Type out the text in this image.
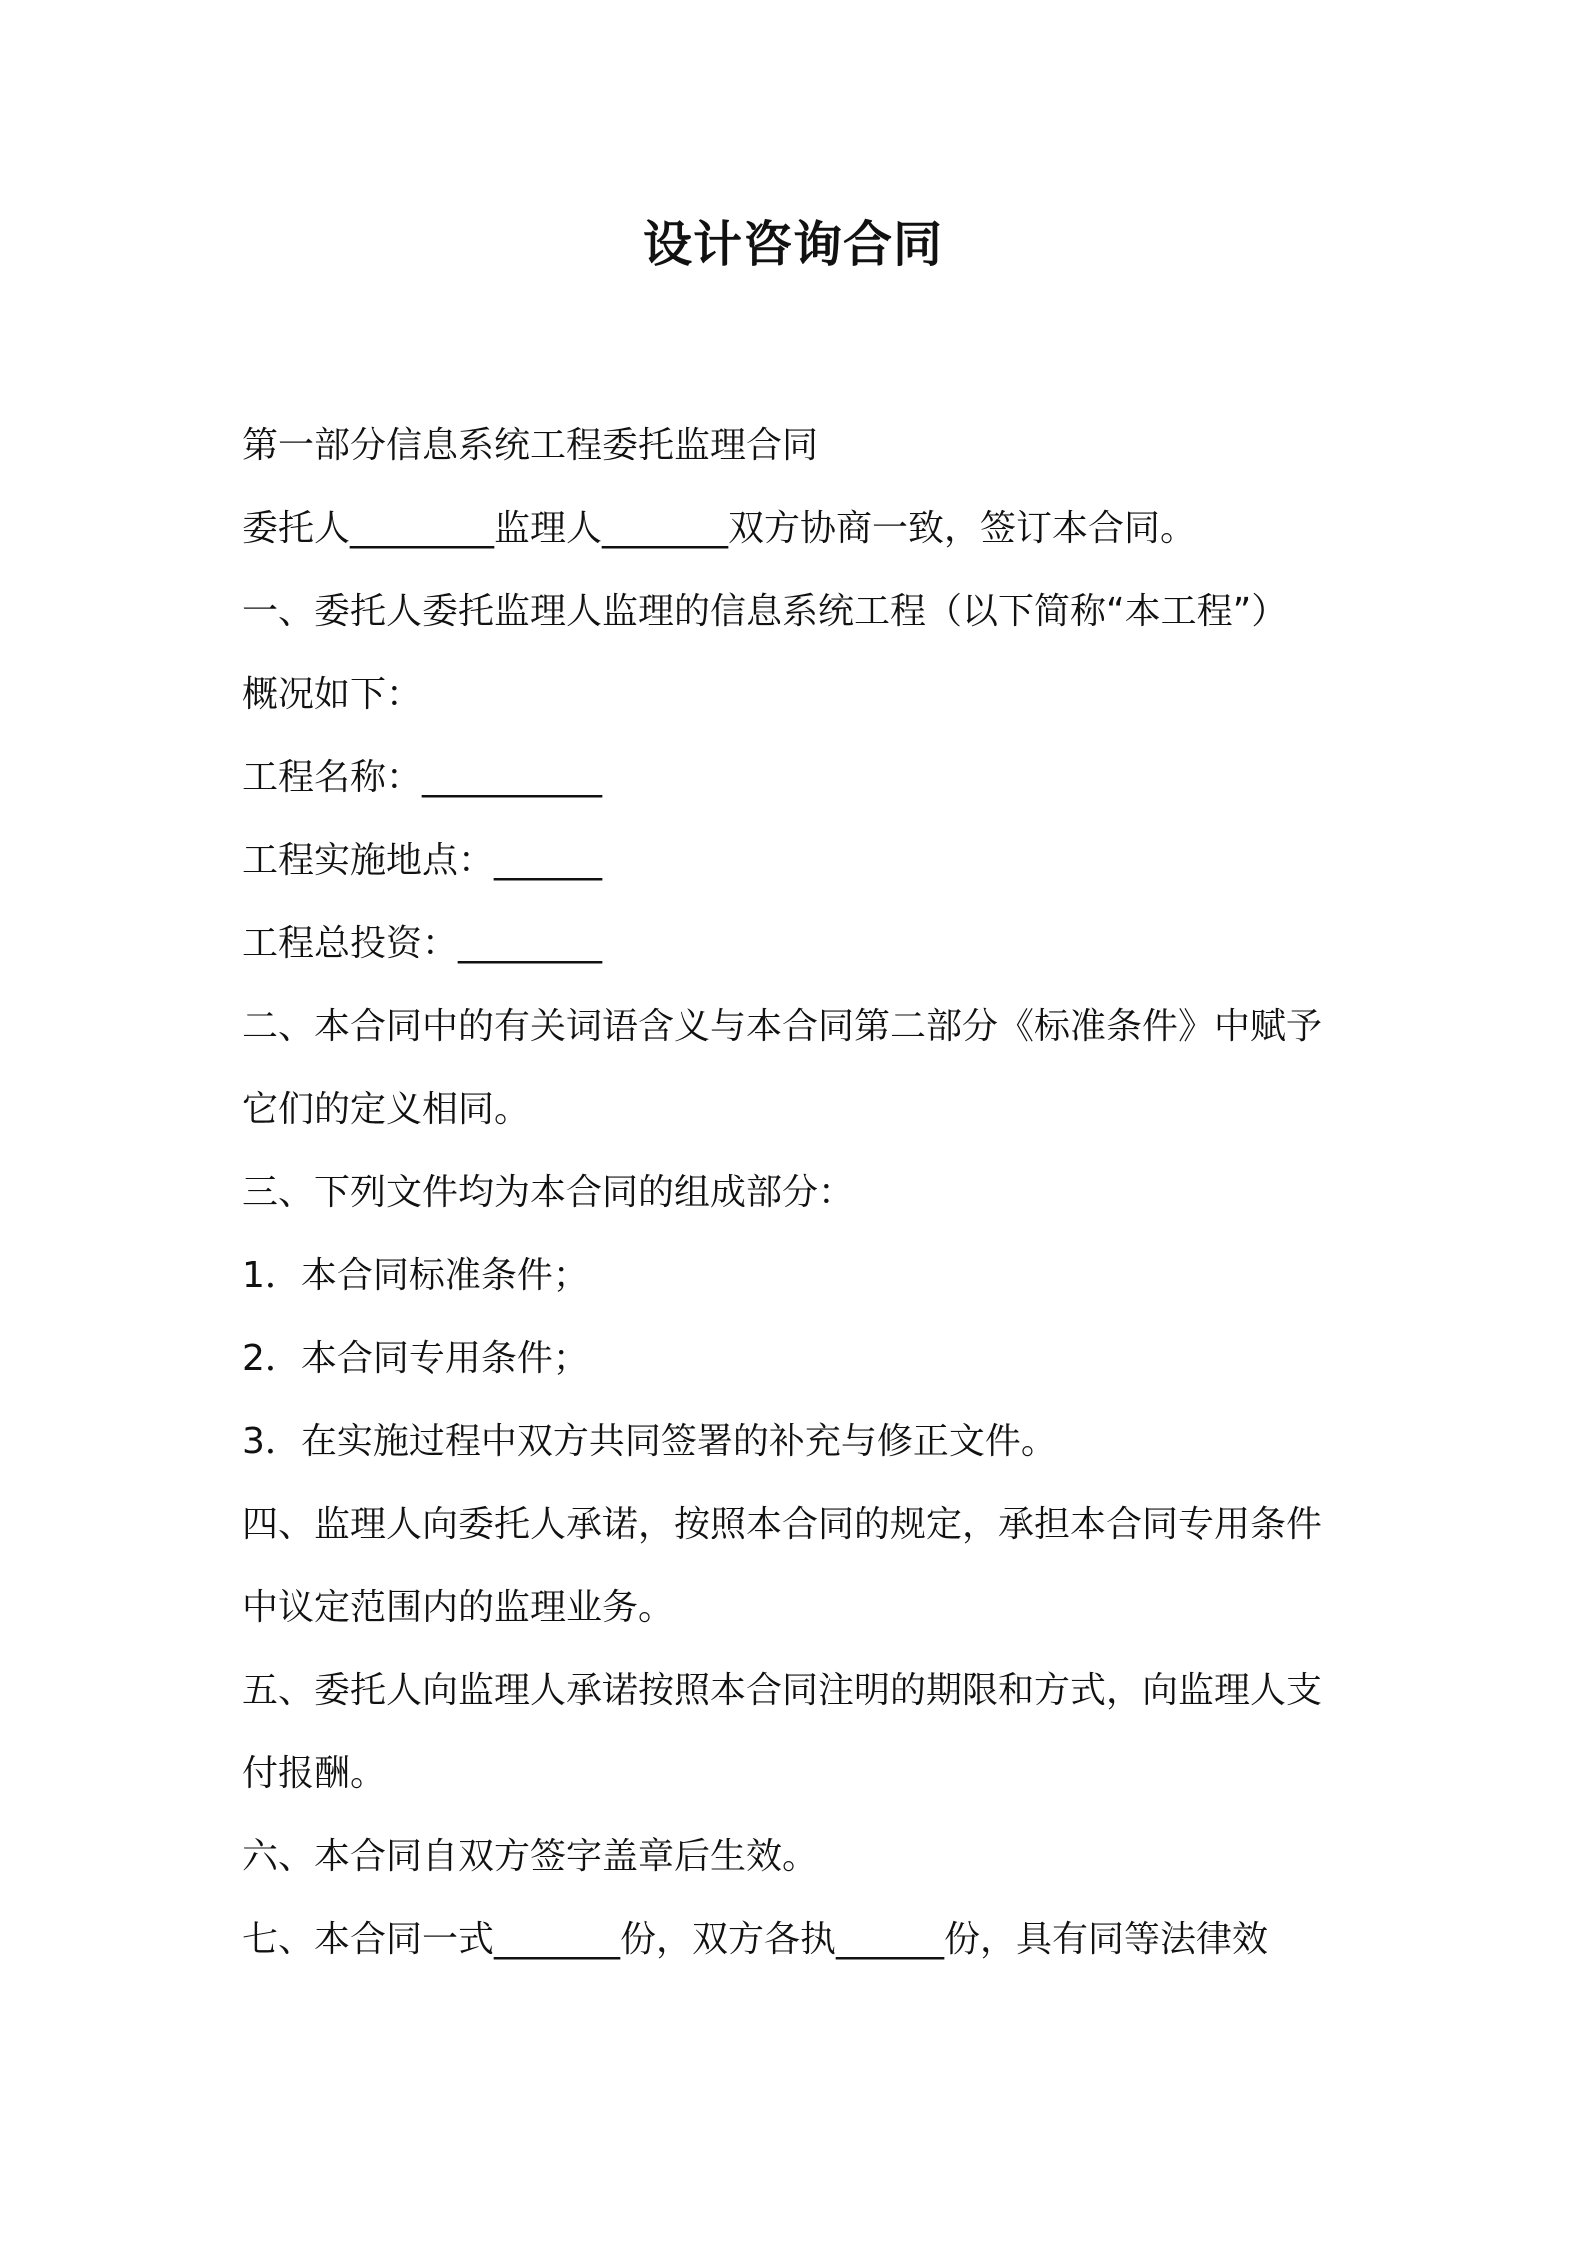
设计咨询合同
第一部分信息系统工程委托监理合同
委托人________监理人_______双方协商一致，签订本合同。
一、委托人委托监理人监理的信息系统工程（以下简称“本工程”）
概况如下：
工程名称：__________
工程实施地点：______
工程总投资：________
二、本合同中的有关词语含义与本合同第二部分《标准条件》中赋予
它们的定义相同。
三、下列文件均为本合同的组成部分：
1．本合同标准条件；
2．本合同专用条件；
3．在实施过程中双方共同签署的补充与修正文件。
四、监理人向委托人承诺，按照本合同的规定，承担本合同专用条件
中议定范围内的监理业务。
五、委托人向监理人承诺按照本合同注明的期限和方式，向监理人支
付报酬。
六、本合同自双方签字盖章后生效。
七、本合同一式_______份，双方各执______份，具有同等法律效
